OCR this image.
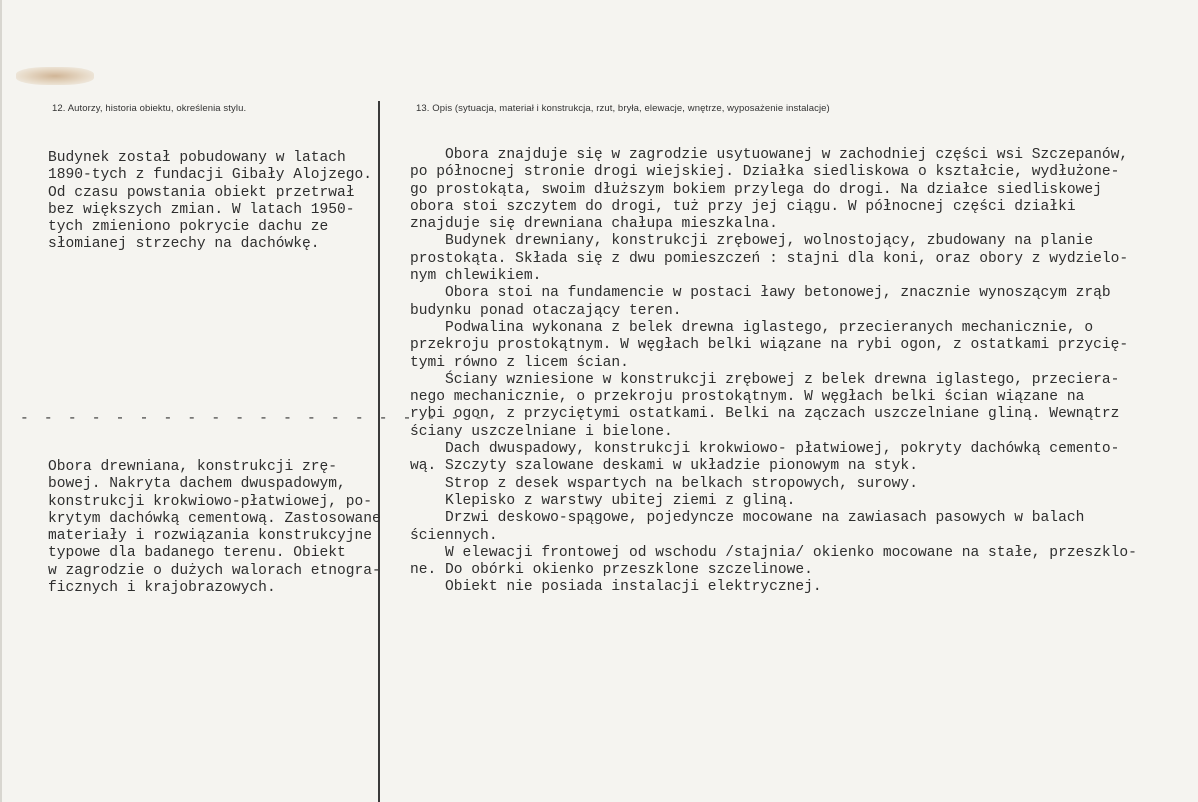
12. Autorzy, historia obiektu, określenia stylu.	13. Opis (sytuacja, materiał i konstrukcja, rzut, bryła, elewacje, wnętrze, wyposażenie instalacje)
Budynek został pobudowany w latach
1890-tych z fundacji Gibały Alojzego.
Od czasu powstania obiekt przetrwał
bez większych zmian. W latach 1950-
tych zmieniono pokrycie dachu ze
słomianej strzechy na dachówkę.
- - - - - - - - - - - - - - - - - - - -
Obora drewniana, konstrukcji zrę-
bowej. Nakryta dachem dwuspadowym,
konstrukcji krokwiowo-płatwiowej, po-
krytym dachówką cementową. Zastosowane
materiały i rozwiązania konstrukcyjne
typowe dla badanego terenu. Obiekt
w zagrodzie o dużych walorach etnogra-
ficznych i krajobrazowych.
Obora znajduje się w zagrodzie usytuowanej w zachodniej części wsi Szczepanów,
po północnej stronie drogi wiejskiej. Działka siedliskowa o kształcie, wydłużone-
go prostokąta, swoim dłuższym bokiem przylega do drogi. Na działce siedliskowej
obora stoi szczytem do drogi, tuż przy jej ciągu. W północnej części działki
znajduje się drewniana chałupa mieszkalna.
Budynek drewniany, konstrukcji zrębowej, wolnostojący, zbudowany na planie
prostokąta. Składa się z dwu pomieszczeń : stajni dla koni, oraz obory z wydzielo-
nym chlewikiem.
Obora stoi na fundamencie w postaci ławy betonowej, znacznie wynoszącym zrąb
budynku ponad otaczający teren.
Podwalina wykonana z belek drewna iglastego, przecieranych mechanicznie, o
przekroju prostokątnym. W węgłach belki wiązane na rybi ogon, z ostatkami przycię-
tymi równo z licem ścian.
Ściany wzniesione w konstrukcji zrębowej z belek drewna iglastego, przeciera-
nego mechanicznie, o przekroju prostokątnym. W węgłach belki ścian wiązane na
rybi ogon, z przyciętymi ostatkami. Belki na zączach uszczelniane gliną. Wewnątrz
ściany uszczelniane i bielone.
Dach dwuspadowy, konstrukcji krokwiowo- płatwiowej, pokryty dachówką cemento-
wą. Szczyty szalowane deskami w układzie pionowym na styk.
Strop z desek wspartych na belkach stropowych, surowy.
Klepisko z warstwy ubitej ziemi z gliną.
Drzwi deskowo-spągowe, pojedyncze mocowane na zawiasach pasowych w balach
ściennych.
W elewacji frontowej od wschodu /stajnia/ okienko mocowane na stałe, przeszklo-
ne. Do obórki okienko przeszklone szczelinowe.
Obiekt nie posiada instalacji elektrycznej.
